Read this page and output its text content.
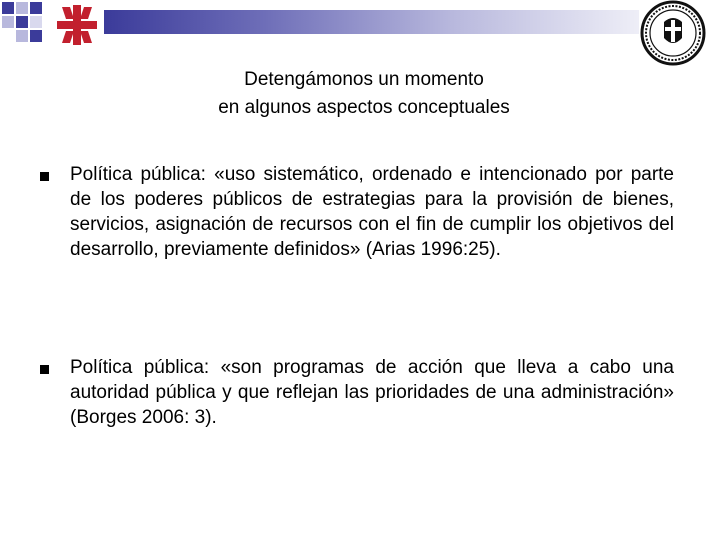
Detengámonos un momento
en algunos aspectos conceptuales
Política pública: «uso sistemático, ordenado e intencionado por parte de los poderes públicos de estrategias para la provisión de bienes, servicios, asignación de recursos con el fin de cumplir los objetivos del desarrollo, previamente definidos» (Arias 1996:25).
Política pública: «son programas de acción que lleva a cabo una autoridad pública y que reflejan las prioridades de una administración» (Borges 2006: 3).
